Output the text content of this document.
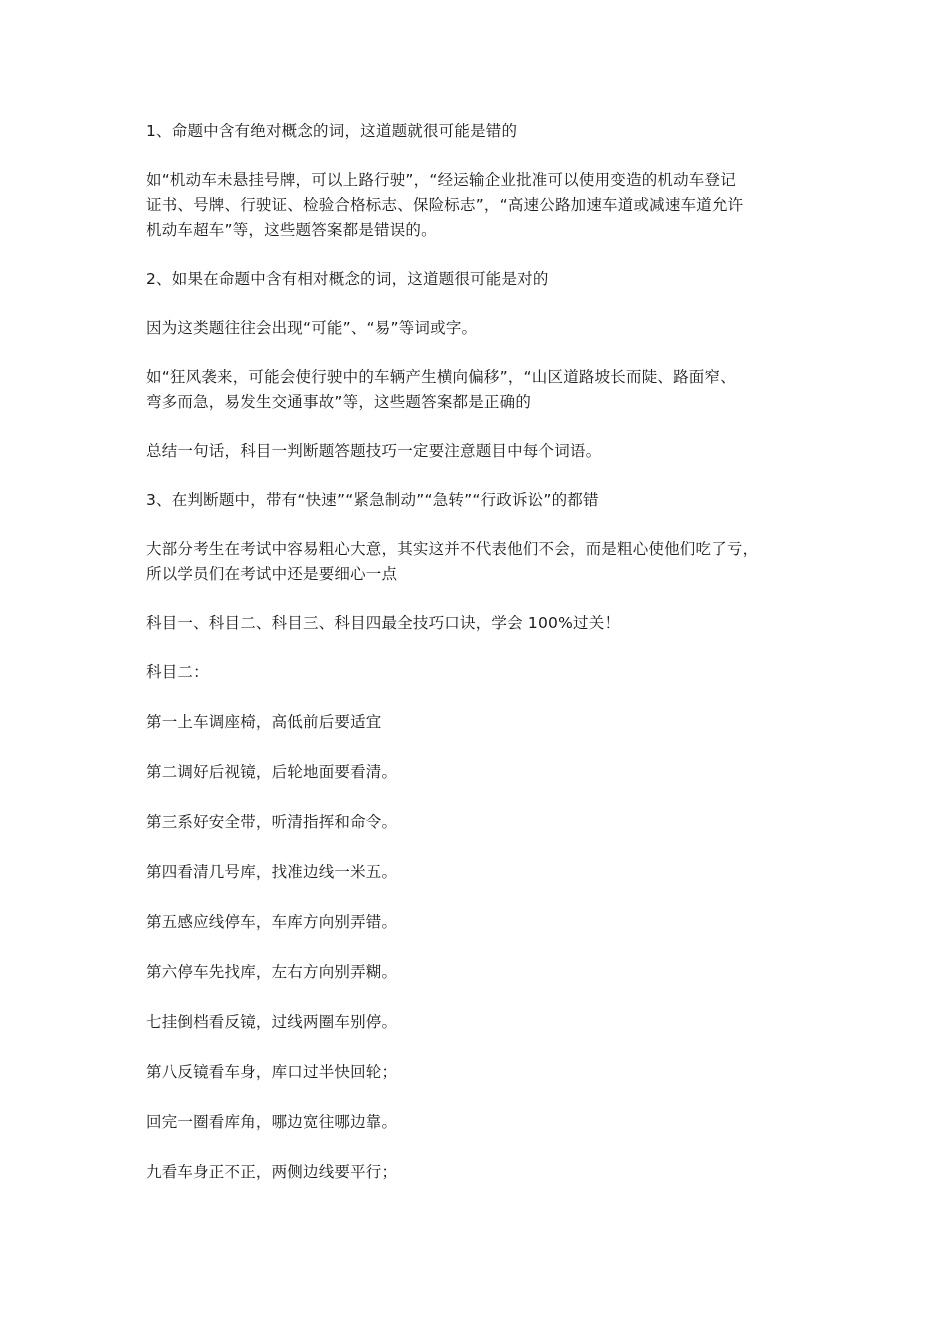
1、命题中含有绝对概念的词，这道题就很可能是错的

如“机动车未悬挂号牌，可以上路行驶”，“经运输企业批准可以使用变造的机动车登记
证书、号牌、行驶证、检验合格标志、保险标志”，“高速公路加速车道或减速车道允许
机动车超车”等，这些题答案都是错误的。

2、如果在命题中含有相对概念的词，这道题很可能是对的

因为这类题往往会出现“可能”、“易”等词或字。

如“狂风袭来，可能会使行驶中的车辆产生横向偏移”，“山区道路坡长而陡、路面窄、
弯多而急，易发生交通事故”等，这些题答案都是正确的

总结一句话，科目一判断题答题技巧一定要注意题目中每个词语。

3、在判断题中，带有“快速”“紧急制动”“急转”“行政诉讼”的都错

大部分考生在考试中容易粗心大意，其实这并不代表他们不会，而是粗心使他们吃了亏，
所以学员们在考试中还是要细心一点

科目一、科目二、科目三、科目四最全技巧口诀，学会 100%过关！

科目二：

第一上车调座椅，高低前后要适宜

第二调好后视镜，后轮地面要看清。

第三系好安全带，听清指挥和命令。

第四看清几号库，找准边线一米五。

第五感应线停车，车库方向别弄错。

第六停车先找库，左右方向别弄糊。

七挂倒档看反镜，过线两圈车别停。

第八反镜看车身，库口过半快回轮；

回完一圈看库角，哪边宽往哪边靠。

九看车身正不正，两侧边线要平行；
